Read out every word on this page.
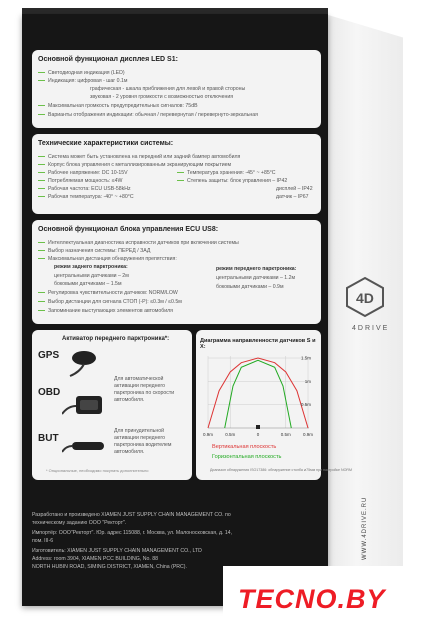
4D
4DRIVE
WWW.4DRIVE.RU
Основной функционал дисплея LED S1:
Светодиодная индикация (LED)
Индикация: цифровая - шаг 0.1м
графическая - шкала приближения для левой и правой стороны
звуковая - 2 уровня громкости с возможностью отключения
Максимальная громкость предупредительных сигналов: 75dB
Варианты отображения индикации: обычная / перевернутая / перевернуто-зеркальная
Технические характеристики системы:
Система может быть установлена на передний или задний бампер автомобиля
Корпус блока управления с металлизированным экранирующим покрытием
Рабочее напряжение: DC 10-15V
Потребляемая мощность: ≤4W
Рабочая частота: ECU USB-58kHz
Рабочая температура: -40° ~ +80°C
Температура хранения: -45° ~ +85°C
Степень защиты: блок управления – IP42
дисплей – IP42
датчик – IP67
Основной функционал блока управления ECU US8:
Интеллектуальная диагностика исправности датчиков при включении системы
Выбор назначения системы: ПЕРЕД / ЗАД
Максимальная дистанция обнаружения препятствия:
режим заднего парктроника:
центральными датчиками – 2м
боковыми датчиками – 1.5м
Регулировка чувствительности датчиков: NORM/LOW
Выбор дистанции для сигнала СТОП (-Р): ≤0.3м / ≤0.5м
Запоминание выступающих элементов автомобиля
режим переднего парктроника:
центральными датчиками – 1.2м
боковыми датчиками – 0.9м
Активатор переднего парктроника*:
GPS
OBD
BUT
Для автоматической активации переднего парктроника по скорости автомобиля.
Для принудительной активации переднего парктроника водителем автомобиля.
* Опциональные, необходимо покупать дополнительно
Диаграмма направленности датчиков S и X:
0.9m	0.5m	0	0.5m	0.9m
1.5m
1m
0.5m
Вертикальная плоскость
Горизонтальная плоскость
Диапазон обнаружения ISO17386: обнаружение столба ø75мм при настройке NORM
Разработано и произведено XIAMEN JUST SUPPLY CHAIN MANAGEMENT CO. по
техническому заданию ООО "Ректорт".
Импортёр: ООО"Ректорт". Юр. адрес 115088, г. Москва, ул. Малоносковская, д. 14,
пом. III-6
Изготовитель: XIAMEN JUST SUPPLY CHAIN MANAGEMENT CO., LTD
Address: room 3904, XIAMEN PCC BUILDING, No. 88
NORTH HUBIN ROAD, SIMING DISTRICT, XIAMEN, China (PRC).
TECNO.BY
